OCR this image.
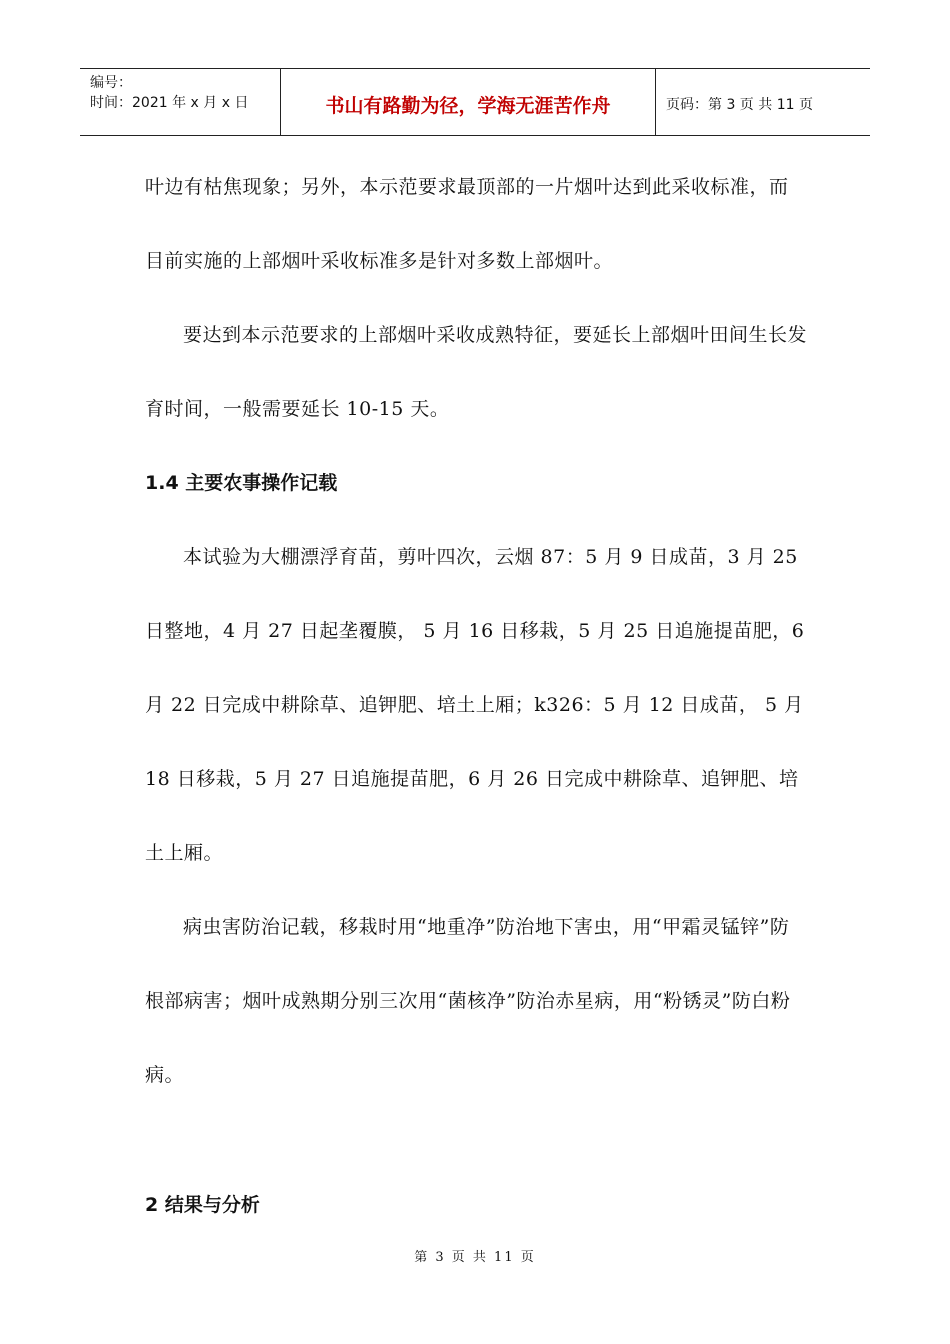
编号：
时间：2021 年 x 月 x 日	书山有路勤为径，学海无涯苦作舟	页码：第 3 页 共 11 页

叶边有枯焦现象；另外，本示范要求最顶部的一片烟叶达到此采收标准，而目前实施的上部烟叶采收标准多是针对多数上部烟叶。

要达到本示范要求的上部烟叶采收成熟特征，要延长上部烟叶田间生长发育时间，一般需要延长 10-15 天。

1.4 主要农事操作记载

本试验为大棚漂浮育苗，剪叶四次，云烟 87：5 月 9 日成苗，3 月 25 日整地，4 月 27 日起垄覆膜， 5 月 16 日移栽，5 月 25 日追施提苗肥，6 月 22 日完成中耕除草、追钾肥、培土上厢；k326：5 月 12 日成苗， 5 月 18 日移栽，5 月 27 日追施提苗肥，6 月 26 日完成中耕除草、追钾肥、培土上厢。

病虫害防治记载，移栽时用“地重净”防治地下害虫，用“甲霜灵锰锌”防根部病害；烟叶成熟期分别三次用“菌核净”防治赤星病，用“粉锈灵”防白粉病。

2 结果与分析
第 3 页 共 11 页
